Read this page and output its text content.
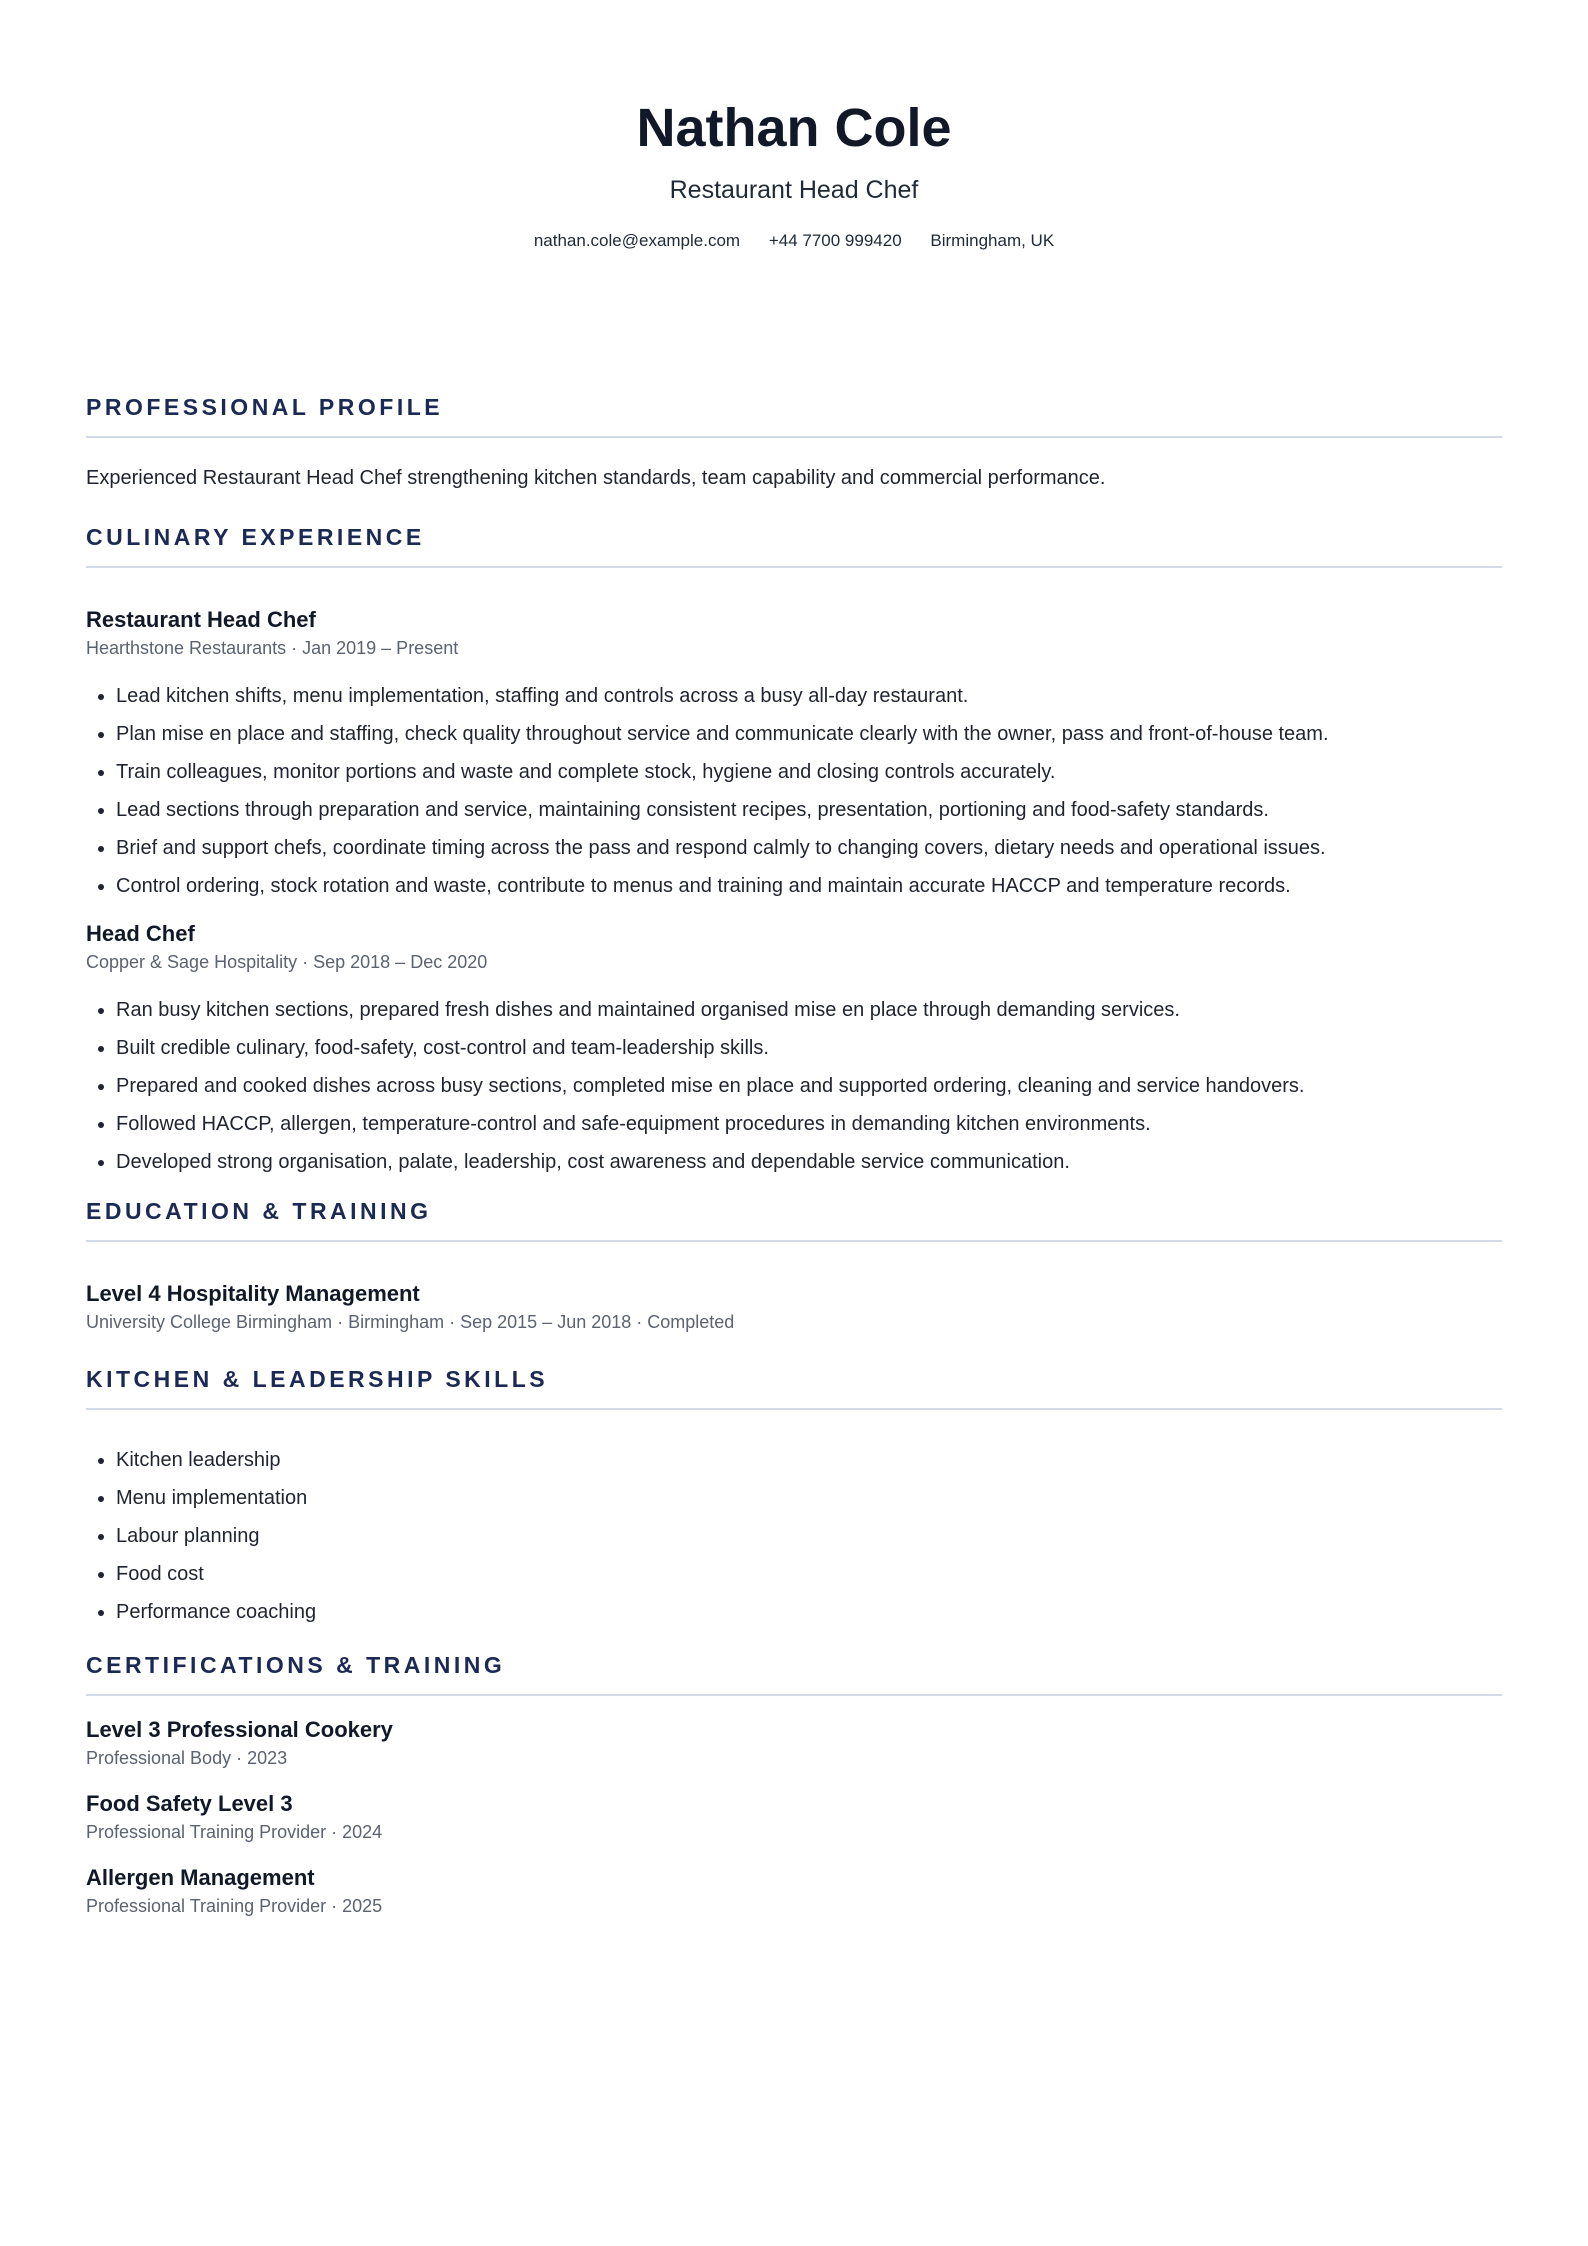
Nathan Cole
Restaurant Head Chef
nathan.cole@example.com +44 7700 999420 Birmingham, UK
PROFESSIONAL PROFILE
Experienced Restaurant Head Chef strengthening kitchen standards, team capability and commercial performance.
CULINARY EXPERIENCE
Restaurant Head Chef
Hearthstone Restaurants · Jan 2019 – Present
• Lead kitchen shifts, menu implementation, staffing and controls across a busy all-day restaurant.
• Plan mise en place and staffing, check quality throughout service and communicate clearly with the owner, pass and front-of-house team.
• Train colleagues, monitor portions and waste and complete stock, hygiene and closing controls accurately.
• Lead sections through preparation and service, maintaining consistent recipes, presentation, portioning and food-safety standards.
• Brief and support chefs, coordinate timing across the pass and respond calmly to changing covers, dietary needs and operational issues.
• Control ordering, stock rotation and waste, contribute to menus and training and maintain accurate HACCP and temperature records.
Head Chef
Copper & Sage Hospitality · Sep 2018 – Dec 2020
• Ran busy kitchen sections, prepared fresh dishes and maintained organised mise en place through demanding services.
• Built credible culinary, food-safety, cost-control and team-leadership skills.
• Prepared and cooked dishes across busy sections, completed mise en place and supported ordering, cleaning and service handovers.
• Followed HACCP, allergen, temperature-control and safe-equipment procedures in demanding kitchen environments.
• Developed strong organisation, palate, leadership, cost awareness and dependable service communication.
EDUCATION & TRAINING
Level 4 Hospitality Management
University College Birmingham · Birmingham · Sep 2015 – Jun 2018 · Completed
KITCHEN & LEADERSHIP SKILLS
• Kitchen leadership
• Menu implementation
• Labour planning
• Food cost
• Performance coaching
CERTIFICATIONS & TRAINING
Level 3 Professional Cookery
Professional Body · 2023
Food Safety Level 3
Professional Training Provider · 2024
Allergen Management
Professional Training Provider · 2025
